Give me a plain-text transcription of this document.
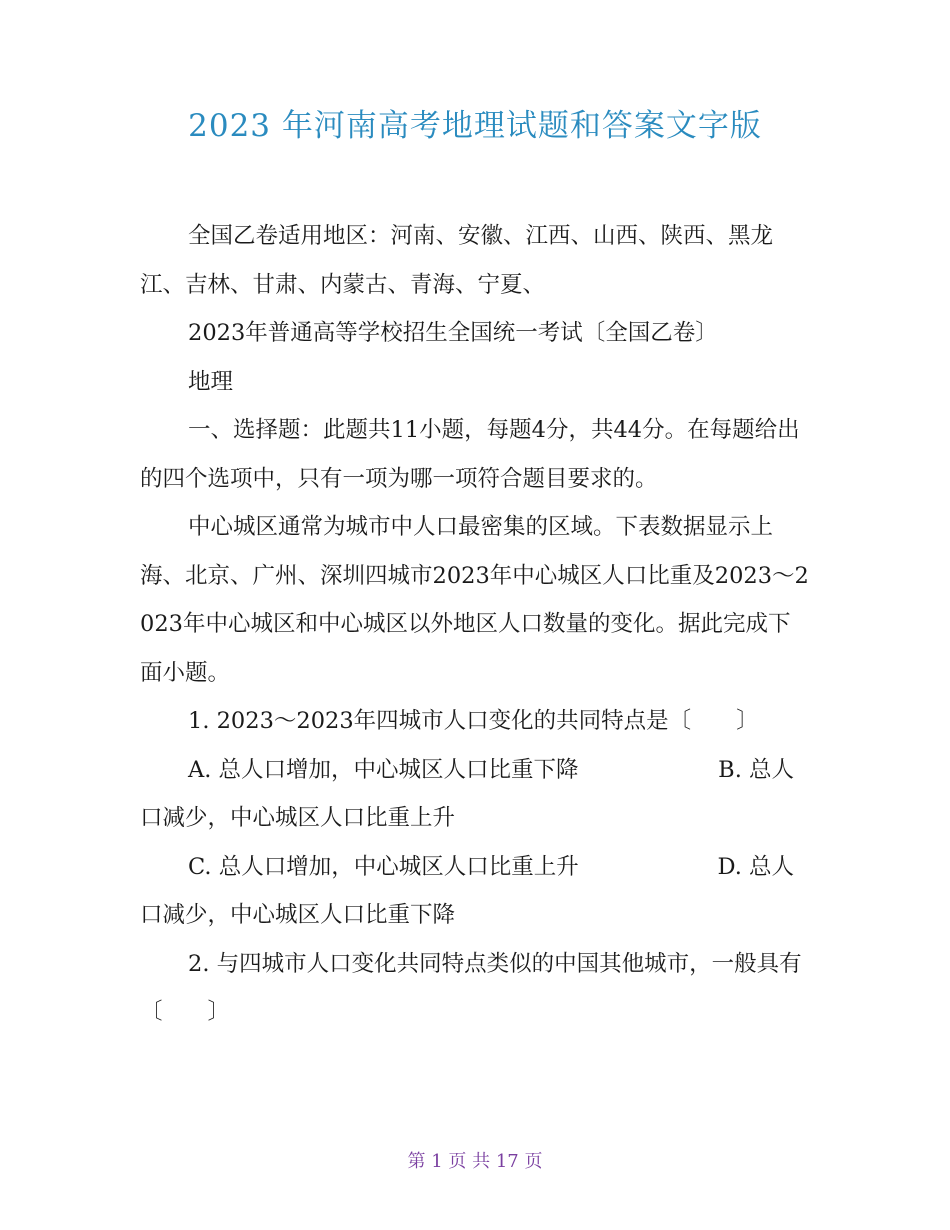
2023 年河南高考地理试题和答案文字版

全国乙卷适用地区：河南、安徽、江西、山西、陕西、黑龙江、吉林、甘肃、内蒙古、青海、宁夏、

2023年普通高等学校招生全国统一考试〔全国乙卷〕

地理

一、选择题：此题共11小题，每题4分，共44分。在每题给出的四个选项中，只有一项为哪一项符合题目要求的。

中心城区通常为城市中人口最密集的区域。下表数据显示上海、北京、广州、深圳四城市2023年中心城区人口比重及2023～2023年中心城区和中心城区以外地区人口数量的变化。据此完成下面小题。

1. 2023～2023年四城市人口变化的共同特点是〔　　〕

A. 总人口增加，中心城区人口比重下降	B. 总人
口减少，中心城区人口比重上升
C. 总人口增加，中心城区人口比重上升	D. 总人
口减少，中心城区人口比重下降

2. 与四城市人口变化共同特点类似的中国其他城市，一般具有〔　　〕

第 1 页 共 17 页
